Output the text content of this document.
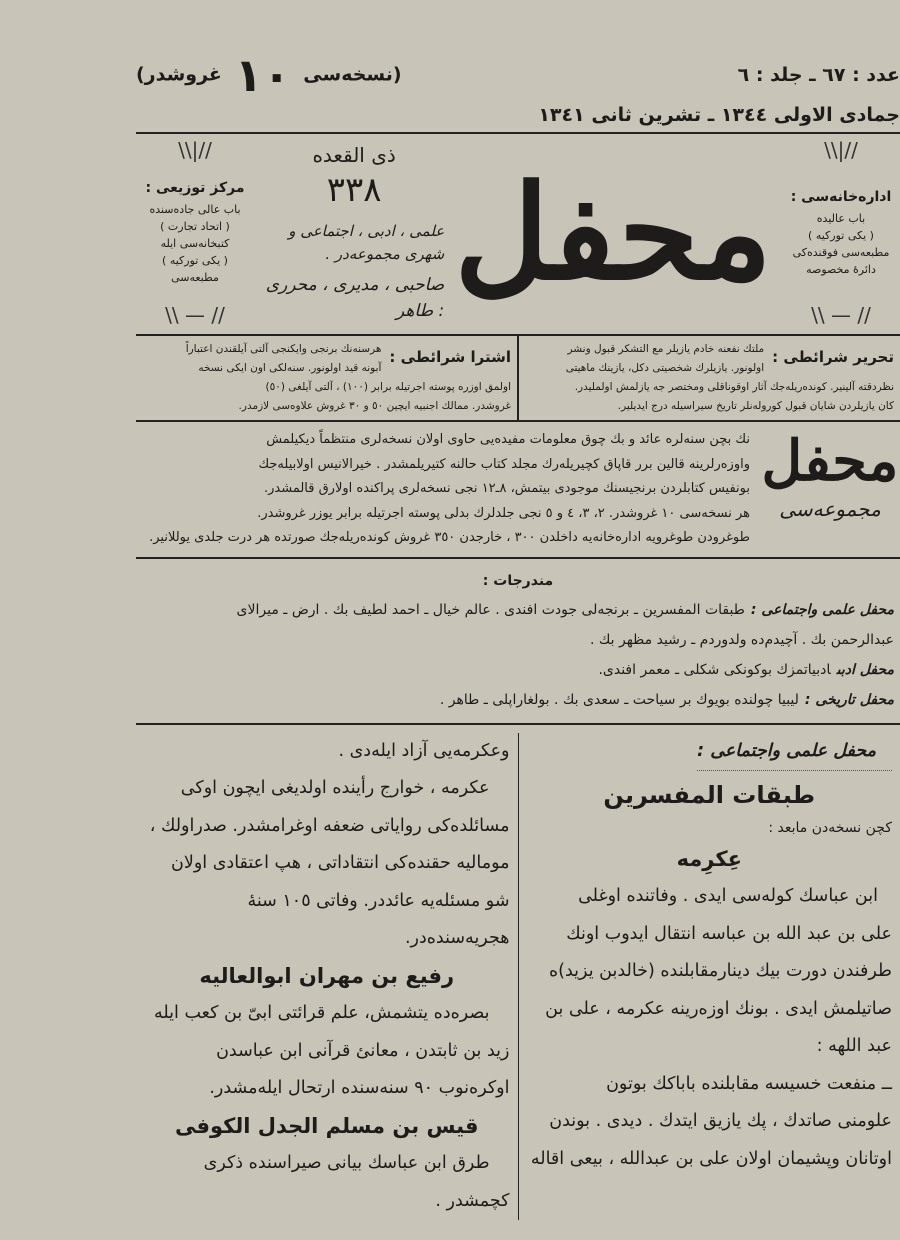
عدد : ٦٧ ـ جلد : ٦
(نسخه‌سى ١٠ غروشدر)
جمادى الاولى ١٣٤٤ ـ تشرين ثانى ١٣٤١
\\|//
اداره‌خانه‌سى :
باب عاليده
( يكى تورکيه )
مطبعه‌سى فوقنده‌كى
دائرهٔ مخصوصه
\\ — //
محفل
ذى القعده
٣٣٨
علمى ، ادبى ، اجتماعى و شهرى مجموعه‌در .
صاحبى ، مديرى ، محررى : طاهر
\\|//
مركز توزيعى :
باب عالى جاده‌سنده
( اتحاد تجارت )
كتبخانه‌سى ايله
( يكى تورکيه )
مطبعه‌سى
\\ — //
تحرير شرائطى :
ملتك نفعنه خادم يازيلر مع التشكر قبول ونشر
اولونور. يازيلرك شخصيتى دكل، يازينك ماهيتى
نظردقته آلينير. كونده‌ريله‌جك آثار اوقوناقلى ومختصر جه يازلمش اولمليدر.
كان يازيلردن شايان قبول كوروله‌نلر تاريخ سيراسيله درج ايديلير.
اشترا شرائطى :
هرسنه‌نك برنجى وايكنجى آلتى آيلقندن اعتباراً
آبونه قيد اولونور. سنه‌لكى اون ايكى نسخه
اولمق اوزره پوسته اجرتيله برابر (١٠٠) ، آلتى آيلغى (٥٠)
غروشدر. ممالك اجنبيه ايچين ٥٠ و ٣٠ غروش علاوه‌سى لازمدر.
محفل
مجموعه‌سى
نك بچن سنه‌لره عائد و بك چوق معلومات مفيده‌يى حاوى اولان نسخه‌لرى منتظماً ديكيلمش
واوزه‌رلرينه قالين برر قاپاق كچيريله‌رك مجلد كتاب حالنه كتيريلمشدر . خيرالانيس اولابيله‌جك
بونفيس كتابلردن برنجيسنك موجودى بيتمش، ٨ـ١٢ نجى نسخه‌لرى پراكنده اولارق قالمشدر.
هر نسخه‌سى ١٠ غروشدر. ٢، ٣، ٤ و ٥ نجى جلدلرك بدلى پوسته اجرتيله برابر يوزر غروشدر.
طوغرودن طوغرويه اداره‌خانه‌يه داخلدن ٣٠٠ ، خارجدن ٣٥٠ غروش كونده‌ريله‌جك صورتده هر درت جلدى يوللانير.
مندرجات :
محفل علمى واجتماعى :طبقات المفسرين ـ برنجه‌لى جودت افندى . عالم خيال ـ احمد لطيف بك . ارض ـ ميرالاى
عبدالرحمن بك . آچيدم‌ده ولدوردم ـ رشيد مظهر بك .
محفل ادبىادبياتمزك بوكونكى شكلى ـ معمر افندى.
محفل تاريخى :ليبيا چولنده بويوك بر سياحت ـ سعدى بك . بولغاراپلى ـ طاهر .

محفل علمى واجتماعى :

طبقات المفسرين

كچن نسخه‌دن مابعد :

عِكرِمه

ابن عباسك كوله‌سى ايدى . وفاتنده اوغلى

على بن عبد الله بن عباسه انتقال ايدوب اونك

طرفندن دورت بيك دينارمقابلنده (خالدبن يزيد)ه

صاتيلمش ايدى . بونك اوزه‌رينه عكرمه ، على بن

عبد اللهه :

ــ منفعت خسيسه مقابلنده باباكك بوتون

علومنى صاتدك ، پك يازيق ايتدك . ديدى . بوندن

اوتانان وپشيمان اولان على بن عبدالله ، بيعى اقاله

وعكرمه‌يى آزاد ايله‌دى .

عكرمه ، خوارج رأينده اولديغى ايچون اوكى

مسائلده‌كى رواياتى ضعفه اوغرامشدر. صدراولك ،

موماليه حقنده‌كى انتقاداتى ، هپ اعتقادى اولان

شو مسئله‌يه عائددر. وفاتى ١٠٥ سنهٔ هجريه‌سنده‌در.

رفيع بن مهران ابوالعاليه

بصره‌ده يتشمش، علم قرائتى ابىّ بن كعب ايله

زيد بن ثابتدن ، معانئ قرآنى ابن عباسدن

اوكره‌نوب ٩٠ سنه‌سنده ارتحال ايله‌مشدر.

قيس بن مسلم الجدل الكوفى

طرق ابن عباسك بيانى صيراسنده ذكرى

كچمشدر .
